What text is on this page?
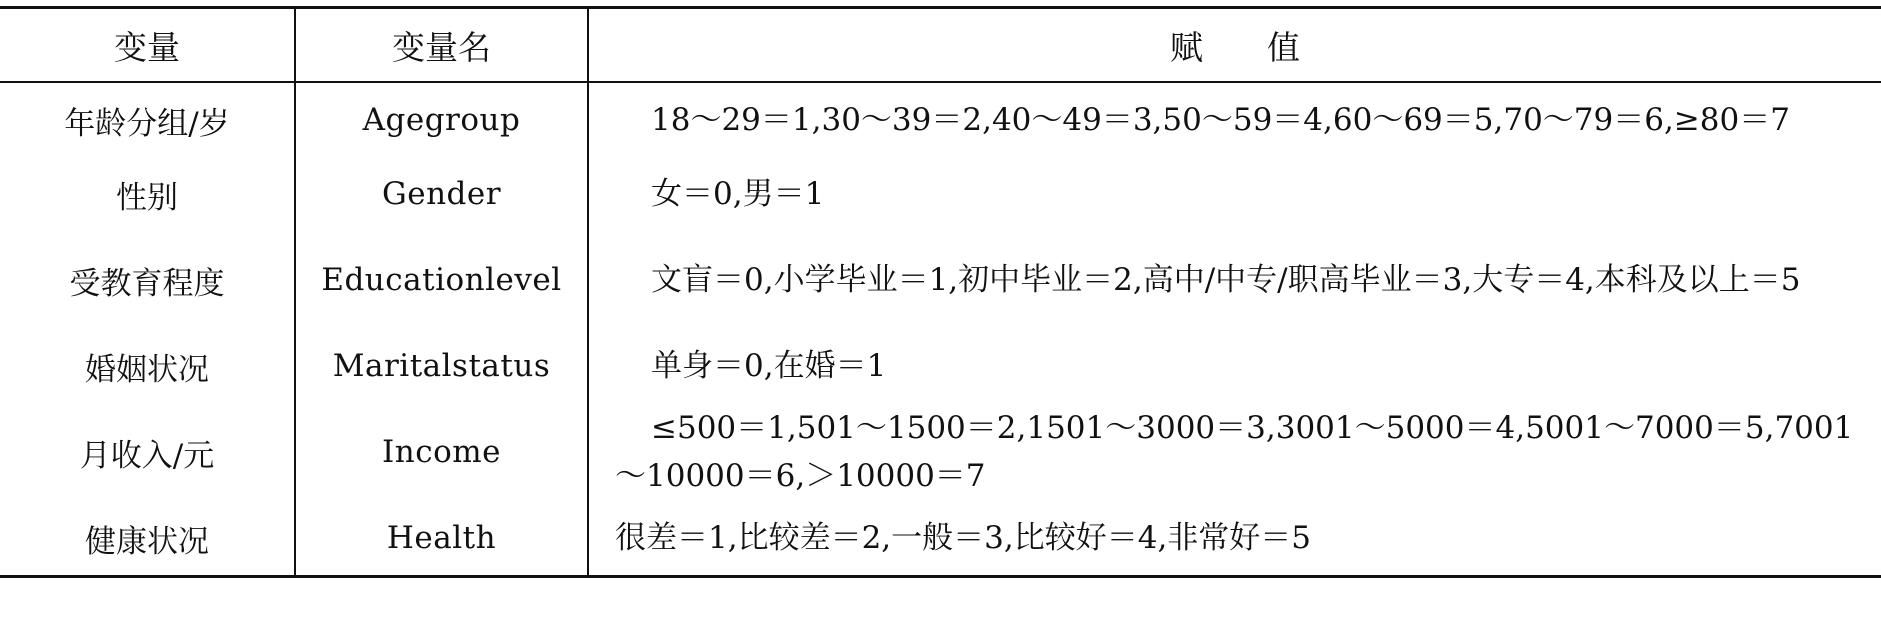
变量	变量名	赋 值
年龄分组/岁	Agegroup	18～29＝1,30～39＝2,40～49＝3,50～59＝4,60～69＝5,70～79＝6,≥80＝7
性别	Gender	女＝0,男＝1
受教育程度	Educationlevel	文盲＝0,小学毕业＝1,初中毕业＝2,高中/中专/职高毕业＝3,大专＝4,本科及以上＝5
婚姻状况	Maritalstatus	单身＝0,在婚＝1
月收入/元	Income	≤500＝1,501～1500＝2,1501～3000＝3,3001～5000＝4,5001～7000＝5,7001～10000＝6,＞10000＝7
健康状况	Health	很差＝1,比较差＝2,一般＝3,比较好＝4,非常好＝5
